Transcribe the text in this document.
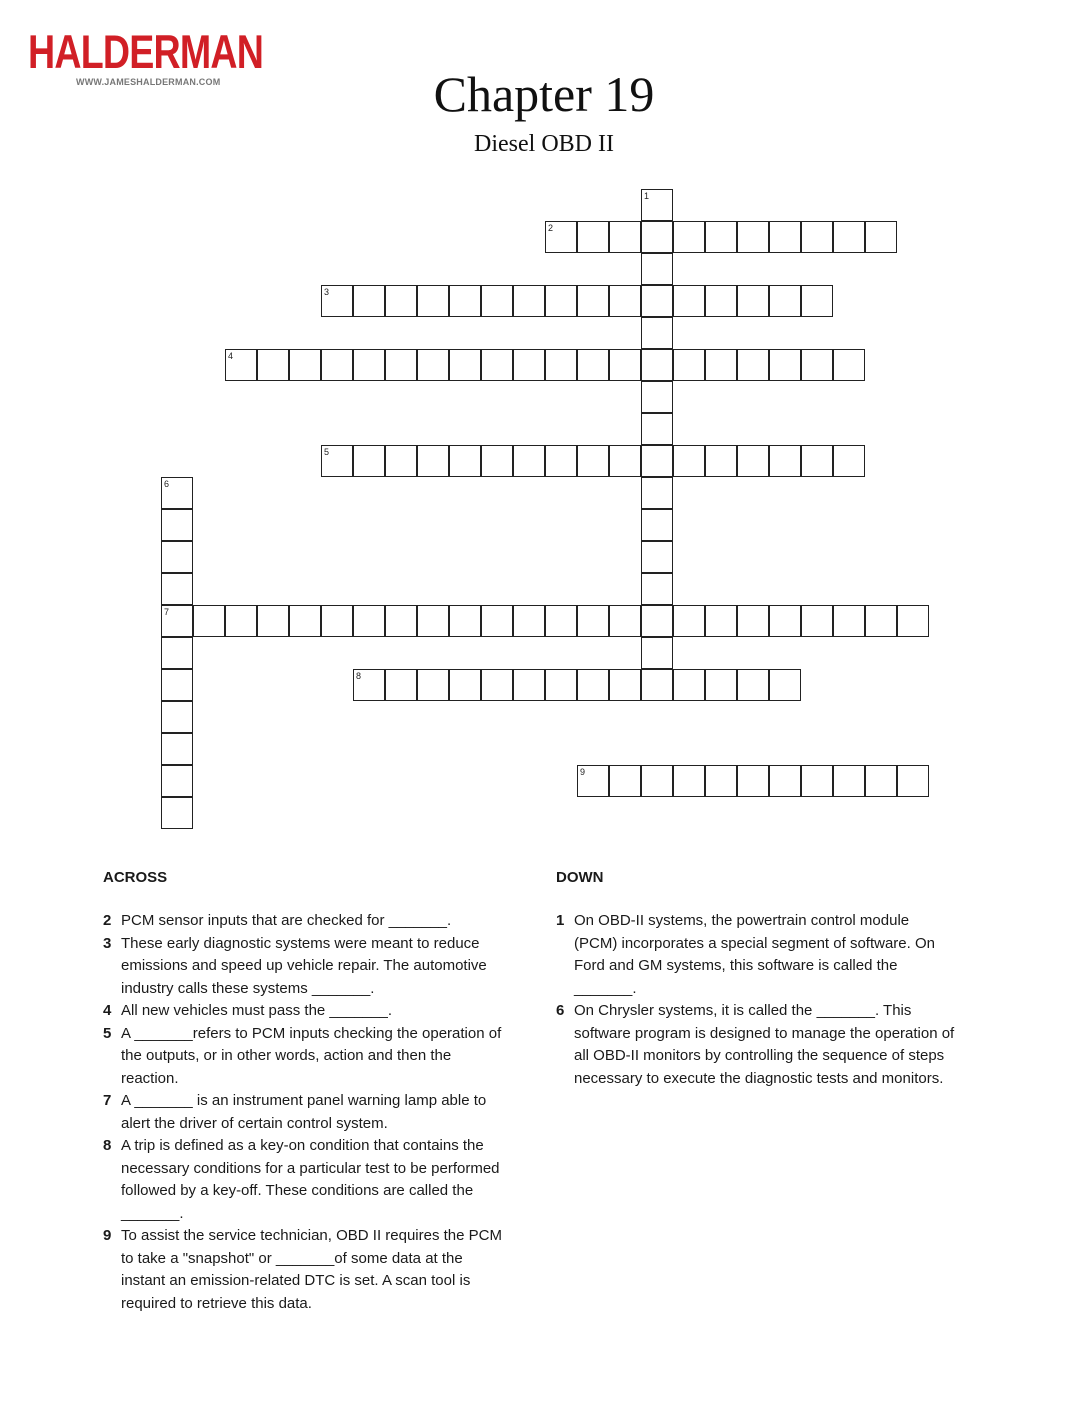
HALDERMAN
WWW.JAMESHALDERMAN.COM	Chapter 19
Diesel OBD II
1
2
3
4
5
6
7
8
9
ACROSS
2 PCM sensor inputs that are checked for _______.
3 These early diagnostic systems were meant to reduce emissions and speed up vehicle repair. The automotive industry calls these systems _______.
4 All new vehicles must pass the _______.
5 A _______refers to PCM inputs checking the operation of the outputs, or in other words, action and then the reaction.
7 A _______ is an instrument panel warning lamp able to alert the driver of certain control system.
8 A trip is defined as a key-on condition that contains the necessary conditions for a particular test to be performed followed by a key-off. These conditions are called the _______.
9 To assist the service technician, OBD II requires the PCM to take a "snapshot" or _______of some data at the instant an emission-related DTC is set. A scan tool is required to retrieve this data.
DOWN
1 On OBD-II systems, the powertrain control module (PCM) incorporates a special segment of software. On Ford and GM systems, this software is called the _______.
6 On Chrysler systems, it is called the _______. This software program is designed to manage the operation of all OBD-II monitors by controlling the sequence of steps necessary to execute the diagnostic tests and monitors.
